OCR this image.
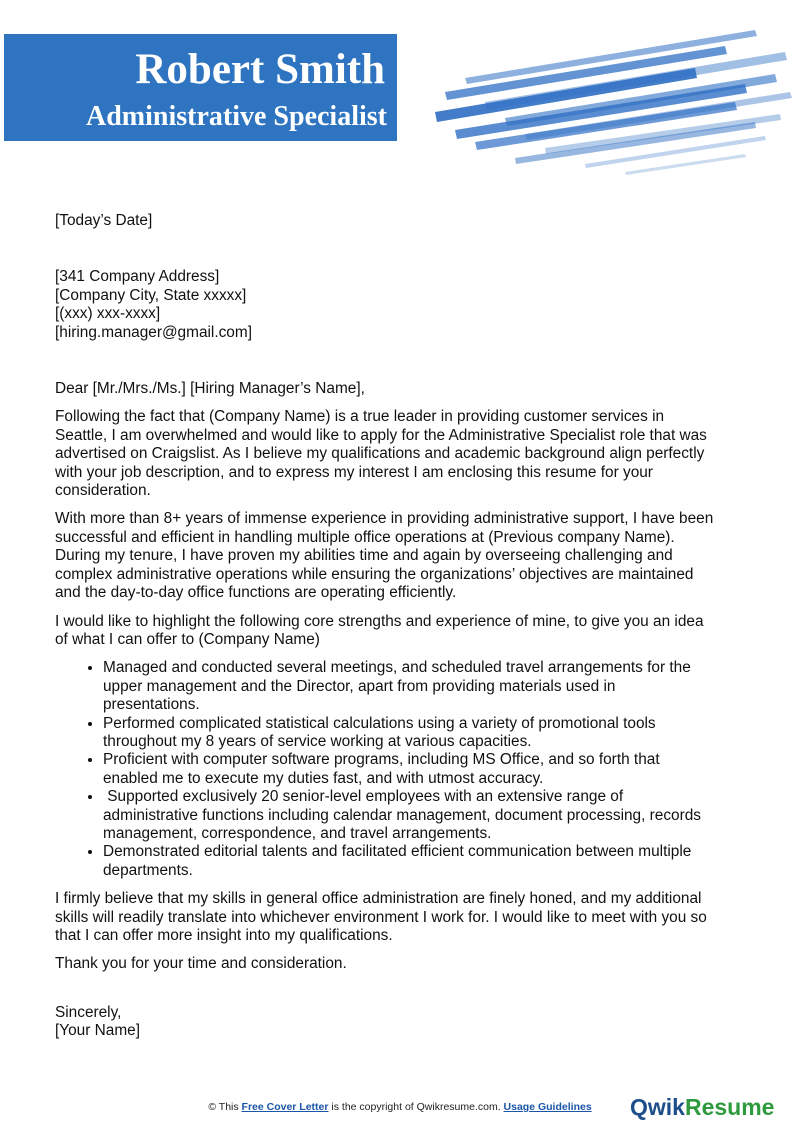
Robert Smith
Administrative Specialist
[Today’s Date]
[341 Company Address]
[Company City, State xxxxx]
[(xxx) xxx-xxxx]
[hiring.manager@gmail.com]
Dear [Mr./Mrs./Ms.] [Hiring Manager’s Name],

Following the fact that (Company Name) is a true leader in providing customer services in
Seattle, I am overwhelmed and would like to apply for the Administrative Specialist role that was
advertised on Craigslist. As I believe my qualifications and academic background align perfectly
with your job description, and to express my interest I am enclosing this resume for your
consideration.

With more than 8+ years of immense experience in providing administrative support, I have been
successful and efficient in handling multiple office operations at (Previous company Name).
During my tenure, I have proven my abilities time and again by overseeing challenging and
complex administrative operations while ensuring the organizations’ objectives are maintained
and the day-to-day office functions are operating efficiently.

I would like to highlight the following core strengths and experience of mine, to give you an idea
of what I can offer to (Company Name)

• Managed and conducted several meetings, and scheduled travel arrangements for the
upper management and the Director, apart from providing materials used in
presentations.
• Performed complicated statistical calculations using a variety of promotional tools
throughout my 8 years of service working at various capacities.
• Proficient with computer software programs, including MS Office, and so forth that
enabled me to execute my duties fast, and with utmost accuracy.
•  Supported exclusively 20 senior-level employees with an extensive range of
administrative functions including calendar management, document processing, records
management, correspondence, and travel arrangements.
• Demonstrated editorial talents and facilitated efficient communication between multiple
departments.

I firmly believe that my skills in general office administration are finely honed, and my additional
skills will readily translate into whichever environment I work for. I would like to meet with you so
that I can offer more insight into my qualifications.

Thank you for your time and consideration.

Sincerely,
[Your Name]
© This Free Cover Letter is the copyright of Qwikresume.com. Usage Guidelines	QwikResume
